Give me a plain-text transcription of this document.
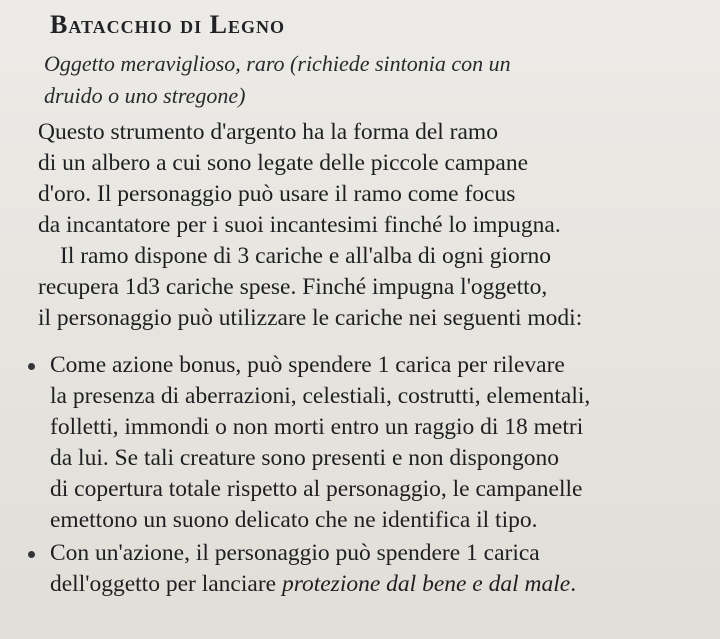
Batacchio di Legno
Oggetto meraviglioso, raro (richiede sintonia con un
druido o uno stregone)
Questo strumento d'argento ha la forma del ramo
di un albero a cui sono legate delle piccole campane
d'oro. Il personaggio può usare il ramo come focus
da incantatore per i suoi incantesimi finché lo impugna.
Il ramo dispone di 3 cariche e all'alba di ogni giorno
recupera 1d3 cariche spese. Finché impugna l'oggetto,
il personaggio può utilizzare le cariche nei seguenti modi:
Come azione bonus, può spendere 1 carica per rilevare
la presenza di aberrazioni, celestiali, costrutti, elementali,
folletti, immondi o non morti entro un raggio di 18 metri
da lui. Se tali creature sono presenti e non dispongono
di copertura totale rispetto al personaggio, le campanelle
emettono un suono delicato che ne identifica il tipo.
Con un'azione, il personaggio può spendere 1 carica
dell'oggetto per lanciare protezione dal bene e dal male.
